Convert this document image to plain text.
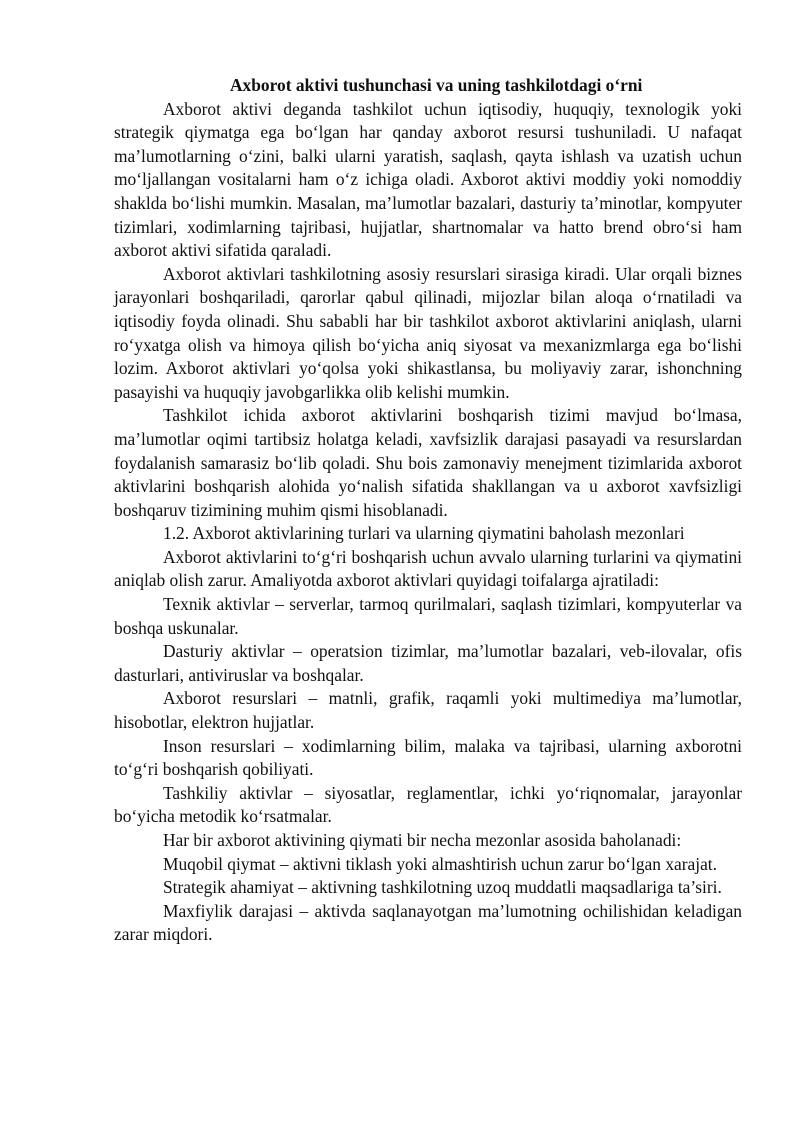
Axborot aktivi tushunchasi va uning tashkilotdagi o‘rni

Axborot aktivi deganda tashkilot uchun iqtisodiy, huquqiy, texnologik yoki strategik qiymatga ega bo‘lgan har qanday axborot resursi tushuniladi. U nafaqat ma’lumotlarning o‘zini, balki ularni yaratish, saqlash, qayta ishlash va uzatish uchun mo‘ljallangan vositalarni ham o‘z ichiga oladi. Axborot aktivi moddiy yoki nomoddiy shaklda bo‘lishi mumkin. Masalan, ma’lumotlar bazalari, dasturiy ta’minotlar, kompyuter tizimlari, xodimlarning tajribasi, hujjatlar, shartnomalar va hatto brend obro‘si ham axborot aktivi sifatida qaraladi.

Axborot aktivlari tashkilotning asosiy resurslari sirasiga kiradi. Ular orqali biznes jarayonlari boshqariladi, qarorlar qabul qilinadi, mijozlar bilan aloqa o‘rnatiladi va iqtisodiy foyda olinadi. Shu sababli har bir tashkilot axborot aktivlarini aniqlash, ularni ro‘yxatga olish va himoya qilish bo‘yicha aniq siyosat va mexanizmlarga ega bo‘lishi lozim. Axborot aktivlari yo‘qolsa yoki shikastlansa, bu moliyaviy zarar, ishonchning pasayishi va huquqiy javobgarlikka olib kelishi mumkin.

Tashkilot ichida axborot aktivlarini boshqarish tizimi mavjud bo‘lmasa, ma’lumotlar oqimi tartibsiz holatga keladi, xavfsizlik darajasi pasayadi va resurslardan foydalanish samarasiz bo‘lib qoladi. Shu bois zamonaviy menejment tizimlarida axborot aktivlarini boshqarish alohida yo‘nalish sifatida shakllangan va u axborot xavfsizligi boshqaruv tizimining muhim qismi hisoblanadi.

1.2. Axborot aktivlarining turlari va ularning qiymatini baholash mezonlari

Axborot aktivlarini to‘g‘ri boshqarish uchun avvalo ularning turlarini va qiymatini aniqlab olish zarur. Amaliyotda axborot aktivlari quyidagi toifalarga ajratiladi:

Texnik aktivlar – serverlar, tarmoq qurilmalari, saqlash tizimlari, kompyuterlar va boshqa uskunalar.

Dasturiy aktivlar – operatsion tizimlar, ma’lumotlar bazalari, veb-ilovalar, ofis dasturlari, antiviruslar va boshqalar.

Axborot resurslari – matnli, grafik, raqamli yoki multimediya ma’lumotlar, hisobotlar, elektron hujjatlar.

Inson resurslari – xodimlarning bilim, malaka va tajribasi, ularning axborotni to‘g‘ri boshqarish qobiliyati.

Tashkiliy aktivlar – siyosatlar, reglamentlar, ichki yo‘riqnomalar, jarayonlar bo‘yicha metodik ko‘rsatmalar.

Har bir axborot aktivining qiymati bir necha mezonlar asosida baholanadi:

Muqobil qiymat – aktivni tiklash yoki almashtirish uchun zarur bo‘lgan xarajat.

Strategik ahamiyat – aktivning tashkilotning uzoq muddatli maqsadlariga ta’siri.

Maxfiylik darajasi – aktivda saqlanayotgan ma’lumotning ochilishidan keladigan zarar miqdori.
